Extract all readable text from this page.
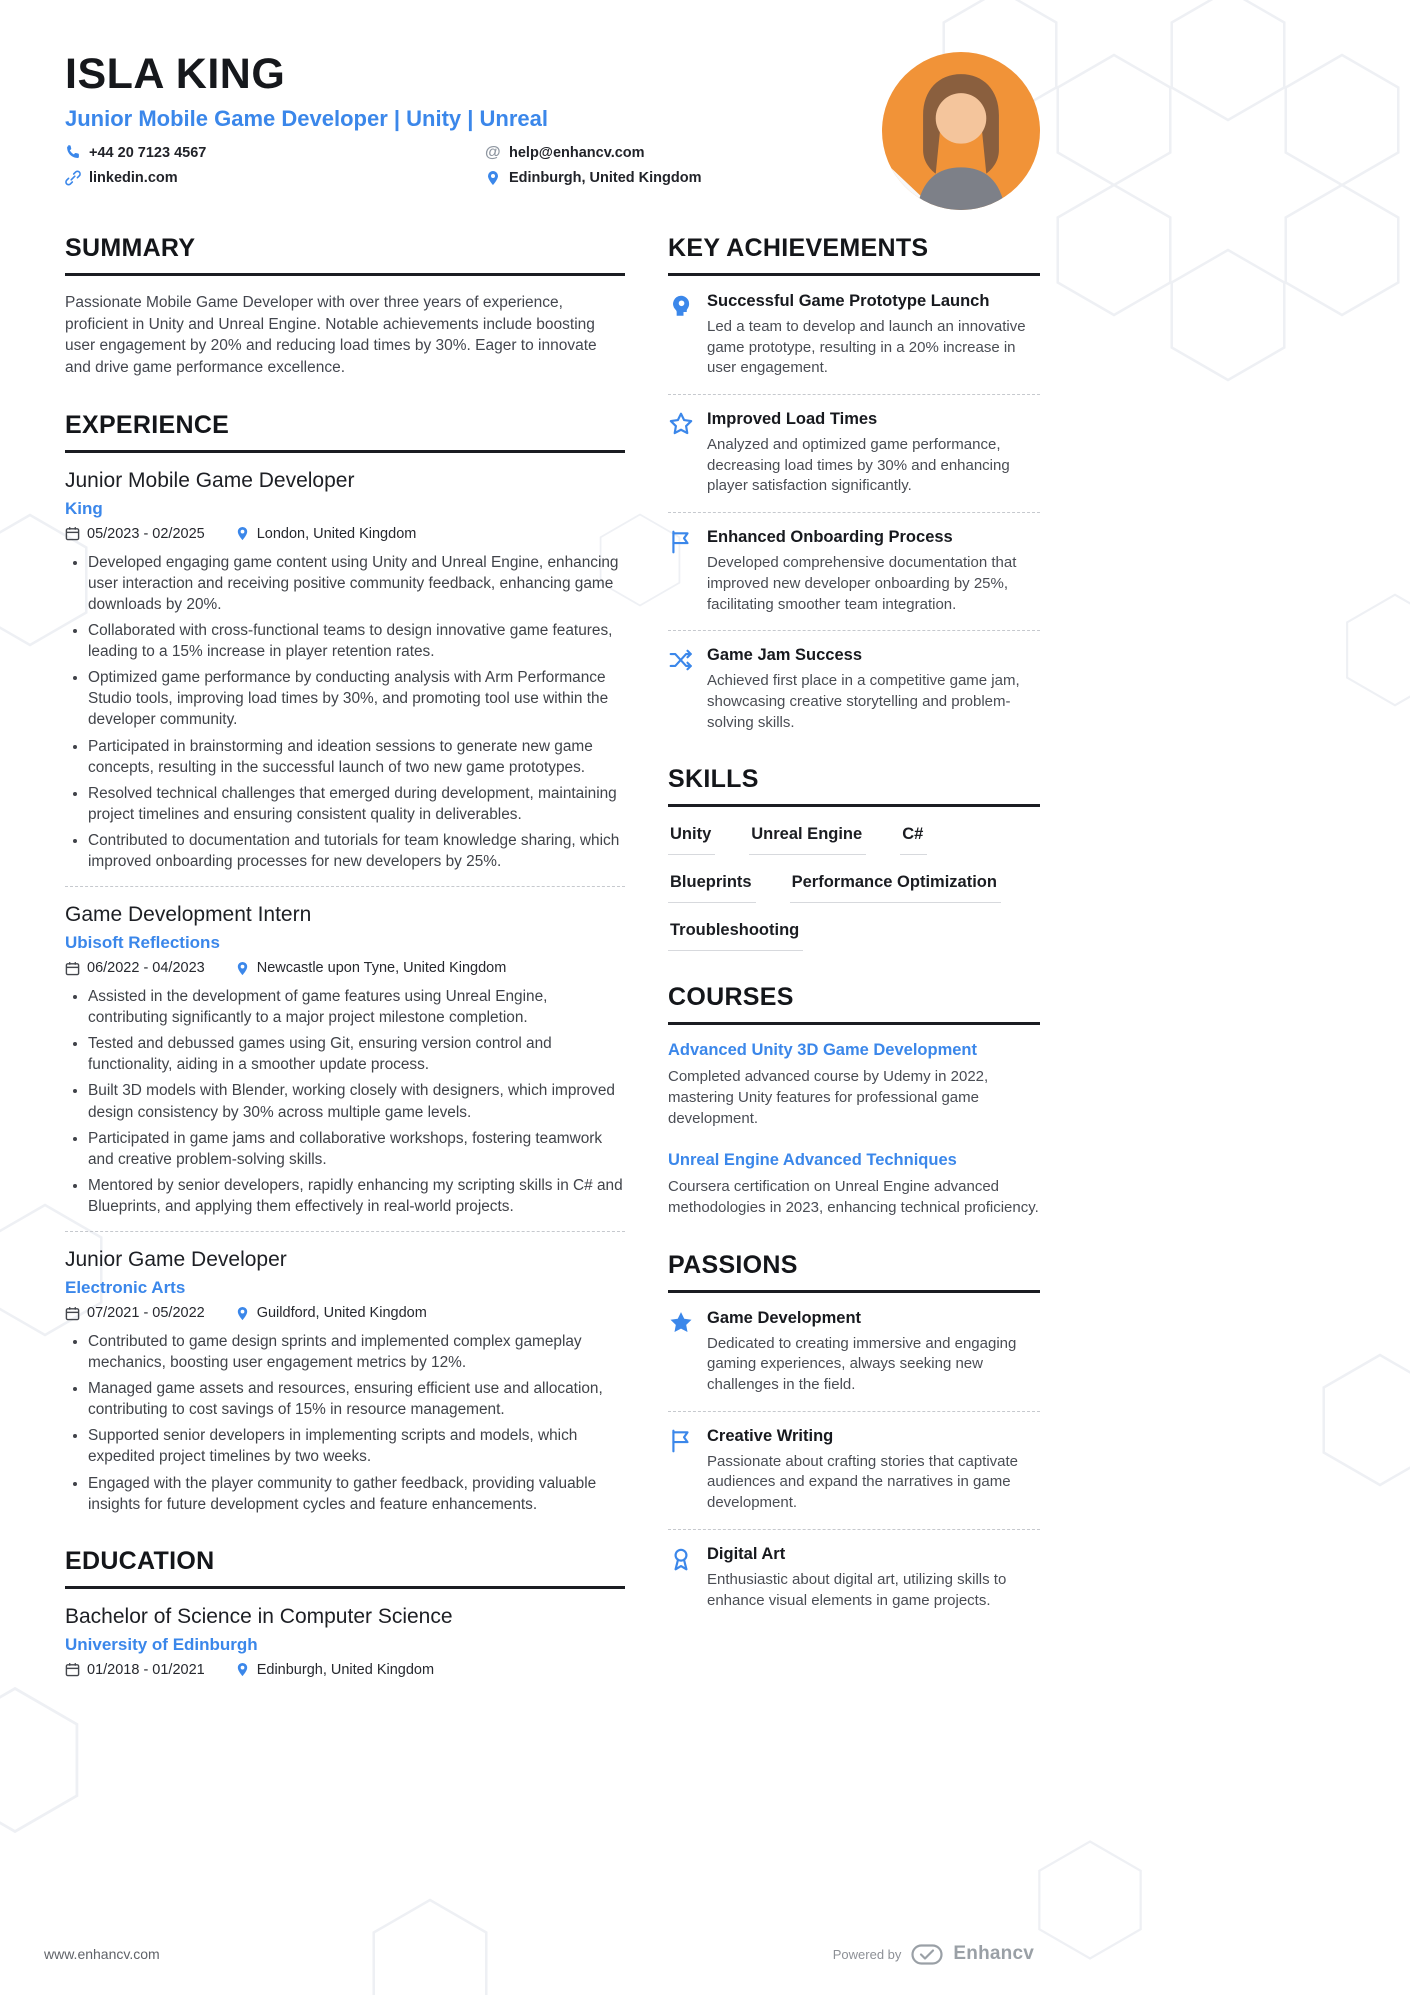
ISLA KING
Junior Mobile Game Developer | Unity | Unreal
+44 20 7123 4567	@ help@enhancv.com
linkedin.com	Edinburgh, United Kingdom
SUMMARY

Passionate Mobile Game Developer with over three years of experience, proficient in Unity and Unreal Engine. Notable achievements include boosting user engagement by 20% and reducing load times by 30%. Eager to innovate and drive game performance excellence.

EXPERIENCE
Junior Mobile Game Developer
King
05/2023 - 02/2025	London, United Kingdom
• Developed engaging game content using Unity and Unreal Engine, enhancing user interaction and receiving positive community feedback, enhancing game downloads by 20%.
• Collaborated with cross-functional teams to design innovative game features, leading to a 15% increase in player retention rates.
• Optimized game performance by conducting analysis with Arm Performance Studio tools, improving load times by 30%, and promoting tool use within the developer community.
• Participated in brainstorming and ideation sessions to generate new game concepts, resulting in the successful launch of two new game prototypes.
• Resolved technical challenges that emerged during development, maintaining project timelines and ensuring consistent quality in deliverables.
• Contributed to documentation and tutorials for team knowledge sharing, which improved onboarding processes for new developers by 25%.
Game Development Intern
Ubisoft Reflections
06/2022 - 04/2023	Newcastle upon Tyne, United Kingdom
• Assisted in the development of game features using Unreal Engine, contributing significantly to a major project milestone completion.
• Tested and debussed games using Git, ensuring version control and functionality, aiding in a smoother update process.
• Built 3D models with Blender, working closely with designers, which improved design consistency by 30% across multiple game levels.
• Participated in game jams and collaborative workshops, fostering teamwork and creative problem-solving skills.
• Mentored by senior developers, rapidly enhancing my scripting skills in C# and Blueprints, and applying them effectively in real-world projects.
Junior Game Developer
Electronic Arts
07/2021 - 05/2022	Guildford, United Kingdom
• Contributed to game design sprints and implemented complex gameplay mechanics, boosting user engagement metrics by 12%.
• Managed game assets and resources, ensuring efficient use and allocation, contributing to cost savings of 15% in resource management.
• Supported senior developers in implementing scripts and models, which expedited project timelines by two weeks.
• Engaged with the player community to gather feedback, providing valuable insights for future development cycles and feature enhancements.
EDUCATION
Bachelor of Science in Computer Science
University of Edinburgh
01/2018 - 01/2021	Edinburgh, United Kingdom
KEY ACHIEVEMENTS
Successful Game Prototype Launch
Led a team to develop and launch an innovative game prototype, resulting in a 20% increase in user engagement.
Improved Load Times
Analyzed and optimized game performance, decreasing load times by 30% and enhancing player satisfaction significantly.
Enhanced Onboarding Process
Developed comprehensive documentation that improved new developer onboarding by 25%, facilitating smoother team integration.
Game Jam Success
Achieved first place in a competitive game jam, showcasing creative storytelling and problem-solving skills.
SKILLS
Unity Unreal Engine C#
Blueprints Performance Optimization
Troubleshooting
COURSES
Advanced Unity 3D Game Development
Completed advanced course by Udemy in 2022, mastering Unity features for professional game development.
Unreal Engine Advanced Techniques
Coursera certification on Unreal Engine advanced methodologies in 2023, enhancing technical proficiency.
PASSIONS
Game Development
Dedicated to creating immersive and engaging gaming experiences, always seeking new challenges in the field.
Creative Writing
Passionate about crafting stories that captivate audiences and expand the narratives in game development.
Digital Art
Enthusiastic about digital art, utilizing skills to enhance visual elements in game projects.
www.enhancv.com	Powered by	Enhancv
